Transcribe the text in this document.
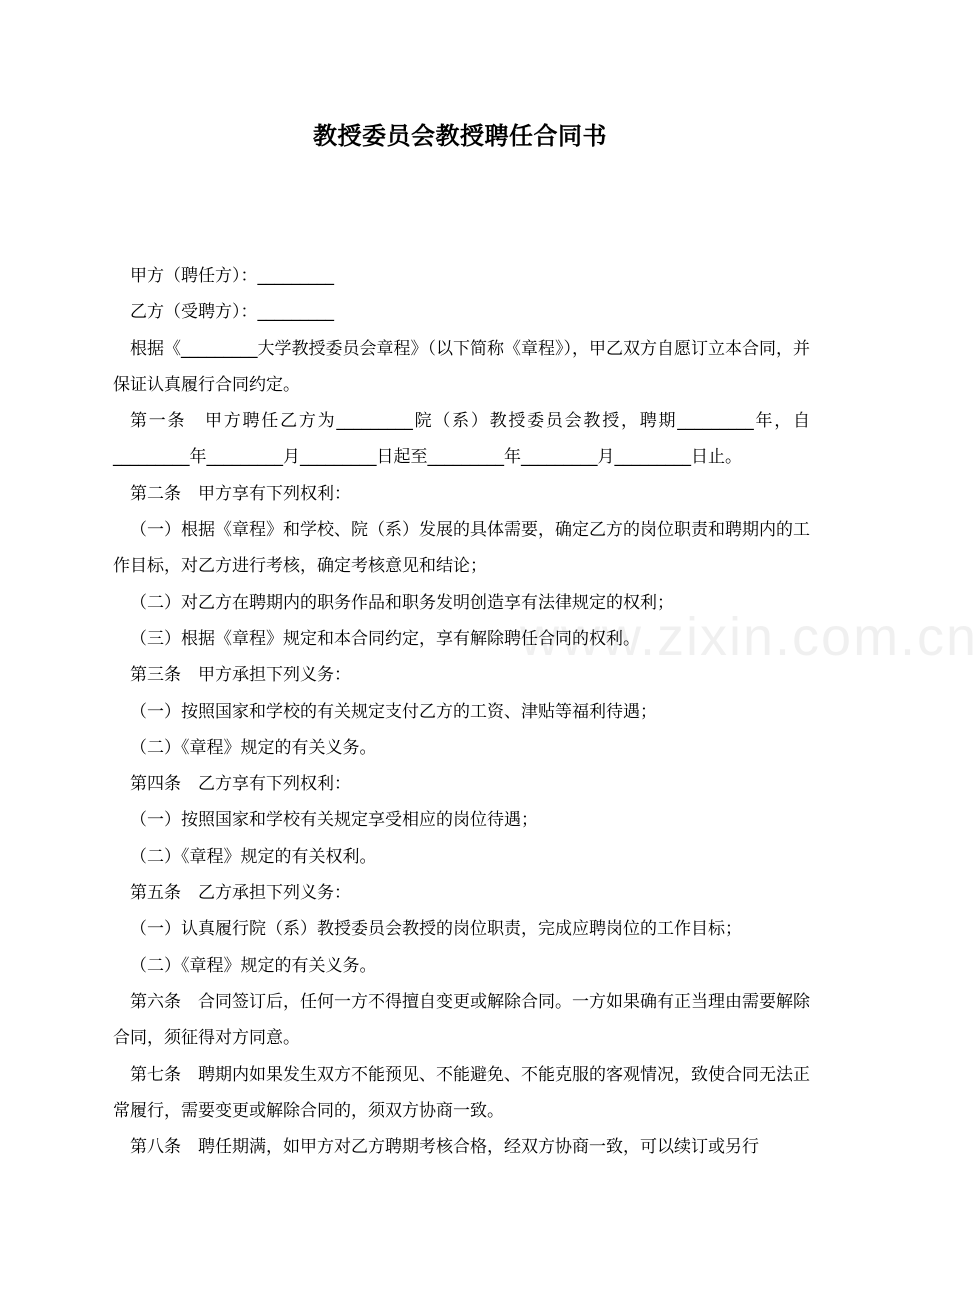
教授委员会教授聘任合同书

甲方（聘任方）：_________

乙方（受聘方）：_________

根据《_________大学教授委员会章程》（以下简称《章程》），甲乙双方自愿订立本合同，并保证认真履行合同约定。

第一条　甲方聘任乙方为_________院（系）教授委员会教授，聘期_________年，自_________年_________月_________日起至_________年_________月_________日止。

第二条　甲方享有下列权利：

（一）根据《章程》和学校、院（系）发展的具体需要，确定乙方的岗位职责和聘期内的工作目标，对乙方进行考核，确定考核意见和结论；

（二）对乙方在聘期内的职务作品和职务发明创造享有法律规定的权利；

（三）根据《章程》规定和本合同约定，享有解除聘任合同的权利。

第三条　甲方承担下列义务：

（一）按照国家和学校的有关规定支付乙方的工资、津贴等福利待遇；

（二）《章程》规定的有关义务。

第四条　乙方享有下列权利：

（一）按照国家和学校有关规定享受相应的岗位待遇；

（二）《章程》规定的有关权利。

第五条　乙方承担下列义务：

（一）认真履行院（系）教授委员会教授的岗位职责，完成应聘岗位的工作目标；

（二）《章程》规定的有关义务。

第六条　合同签订后，任何一方不得擅自变更或解除合同。一方如果确有正当理由需要解除合同，须征得对方同意。

第七条　聘期内如果发生双方不能预见、不能避免、不能克服的客观情况，致使合同无法正常履行，需要变更或解除合同的，须双方协商一致。

第八条　聘任期满，如甲方对乙方聘期考核合格，经双方协商一致，可以续订或另行

www.zixin.com.cn
